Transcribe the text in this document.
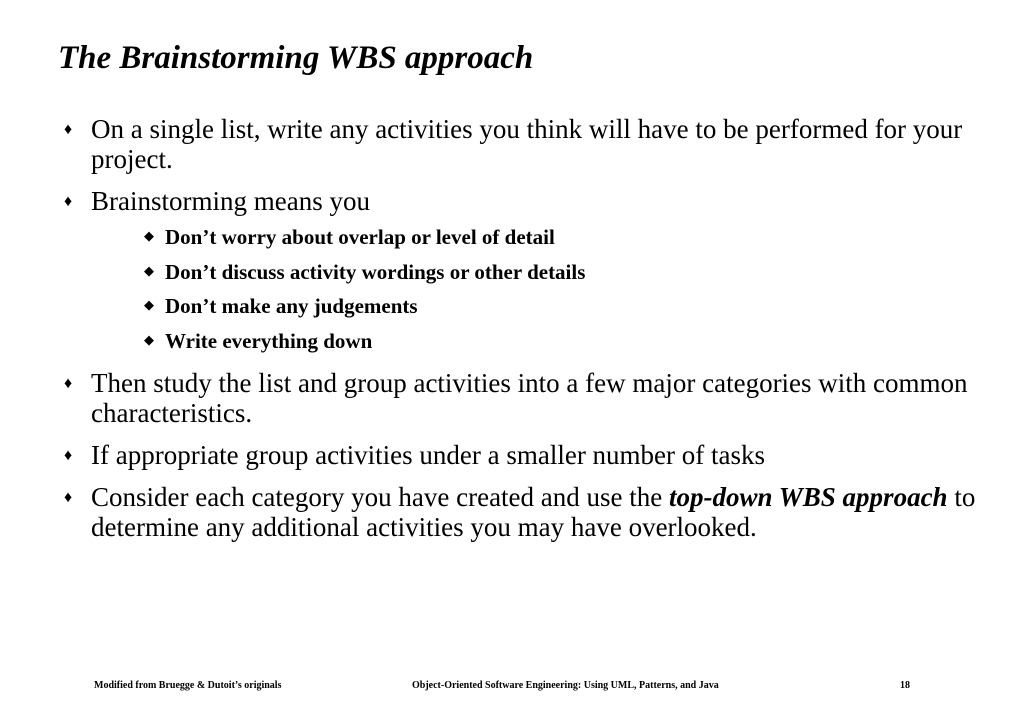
The Brainstorming WBS approach
♦ On a single list, write any activities you think will have to be performed for your project.
♦ Brainstorming means you
◆ Don’t worry about overlap or level of detail
◆ Don’t discuss activity wordings or other details
◆ Don’t make any judgements
◆ Write everything down
♦ Then study the list and group activities into a few major categories with common characteristics.
♦ If appropriate group activities under a smaller number of tasks
♦ Consider each category you have created and use the top-down WBS approach to determine any additional activities you may have overlooked.
Modified from Bruegge & Dutoit’s originals	Object-Oriented Software Engineering: Using UML, Patterns, and Java	18
